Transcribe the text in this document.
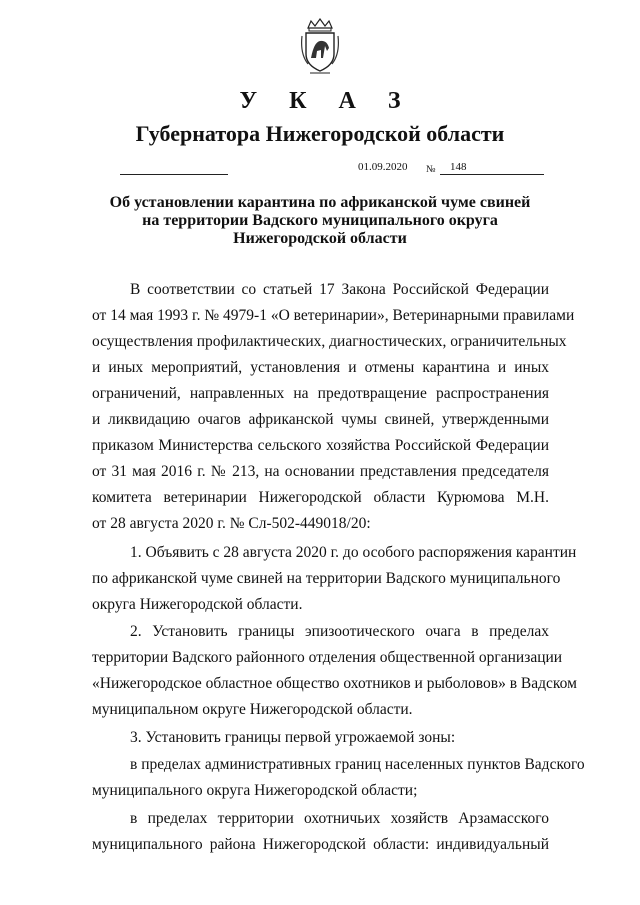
У К А З
Губернатора Нижегородской области
01.09.2020 № 148
Об установлении карантина по африканской чуме свиней
на территории Вадского муниципального округа
Нижегородской области
В соответствии со статьей 17 Закона Российской Федерации
от 14 мая 1993 г. № 4979-1 «О ветеринарии», Ветеринарными правилами
осуществления профилактических, диагностических, ограничительных
и иных мероприятий, установления и отмены карантина и иных
ограничений, направленных на предотвращение распространения
и ликвидацию очагов африканской чумы свиней, утвержденными
приказом Министерства сельского хозяйства Российской Федерации
от 31 мая 2016 г. № 213, на основании представления председателя
комитета ветеринарии Нижегородской области Курюмова М.Н.
от 28 августа 2020 г. № Сл-502-449018/20:
1. Объявить с 28 августа 2020 г. до особого распоряжения карантин
по африканской чуме свиней на территории Вадского муниципального
округа Нижегородской области.
2. Установить границы эпизоотического очага в пределах
территории Вадского районного отделения общественной организации
«Нижегородское областное общество охотников и рыболовов» в Вадском
муниципальном округе Нижегородской области.
3. Установить границы первой угрожаемой зоны:
в пределах административных границ населенных пунктов Вадского
муниципального округа Нижегородской области;
в пределах территории охотничьих хозяйств Арзамасского
муниципального района Нижегородской области: индивидуальный
